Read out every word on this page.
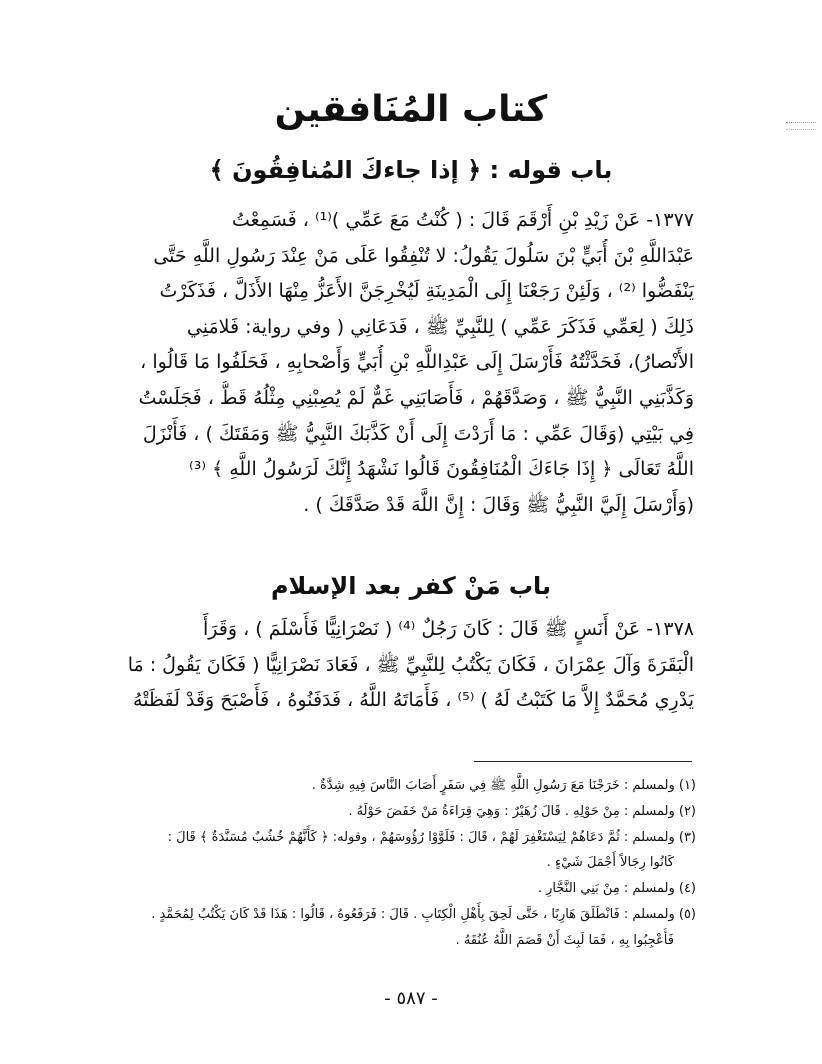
كتاب المُنَافقين
باب قوله : ﴿ إذا جاءكَ المُنافِقُونَ ﴾
١٣٧٧- عَنْ زَيْدِ بْنِ أَرْقَمَ قَالَ : ( كُنْتُ مَعَ عَمِّي )⁽¹⁾ ، فَسَمِعْتُ
عَبْدَاللَّهِ بْنَ أُبَيٍّ بْنَ سَلُولَ يَقُولُ: لا تُنْفِقُوا عَلَى مَنْ عِنْدَ رَسُولِ اللَّهِ حَتَّى
يَنْفَضُّوا ⁽²⁾ ، وَلَئِنْ رَجَعْنَا إِلَى الْمَدِينَةِ لَيُخْرِجَنَّ الأَعَزُّ مِنْهَا الأَذَلَّ ، فَذَكَرْتُ
ذَلِكَ ( لِعَمِّي فَذَكَرَ عَمِّي ) لِلنَّبِيِّ ﷺ ، فَدَعَانِي ( وفي رواية: فَلامَنِي
الأَنْصارُ)، فَحَدَّثْتُهُ فَأَرْسَلَ إِلَى عَبْدِاللَّهِ بْنِ أُبَيٍّ وَأَصْحابِهِ ، فَحَلَفُوا مَا قَالُوا ،
وَكَذَّبَنِي النَّبِيُّ ﷺ ، وَصَدَّقَهُمْ ، فَأَصَابَنِي غَمٌّ لَمْ يُصِبْنِي مِثْلُهُ قَطُّ ، فَجَلَسْتُ
فِي بَيْتِي (وَقَالَ عَمِّي : مَا أَرَدْتَ إِلَى أَنْ كَذَّبَكَ النَّبِيُّ ﷺ وَمَقَتَكَ ) ، فَأَنْزَلَ
اللَّهُ تَعَالَى ﴿ إِذَا جَاءَكَ الْمُنَافِقُونَ قَالُوا نَشْهَدُ إِنَّكَ لَرَسُولُ اللَّهِ ﴾ ⁽³⁾
(وَأَرْسَلَ إِلَيَّ النَّبِيُّ ﷺ وَقَالَ : إِنَّ اللَّهَ قَدْ صَدَّقَكَ ) .
باب مَنْ كفر بعد الإسلام
١٣٧٨- عَنْ أَنَسٍ ﷺ قَالَ : كَانَ رَجُلٌ ⁽⁴⁾ ( نَصْرَانِيًّا فَأَسْلَمَ ) ، وَقَرَأَ
الْبَقَرَةَ وَآلَ عِمْرَانَ ، فَكَانَ يَكْتُبُ لِلنَّبِيِّ ﷺ ، فَعَادَ نَصْرَانِيًّا ( فَكَانَ يَقُولُ : مَا
يَدْرِي مُحَمَّدٌ إِلاَّ مَا كَتَبْتُ لَهُ ) ⁽⁵⁾ ، فَأَمَاتَهُ اللَّهُ ، فَدَفَنُوهُ ، فَأَصْبَحَ وَقَدْ لَفَظَتْهُ
(١) ولمسلم : خَرَجْنَا مَعَ رَسُولِ اللَّهِ ﷺ فِي سَفَرٍ أَصَابَ النَّاسَ فِيهِ شِدَّةٌ .
(٢) ولمسلم : مِنْ حَوْلِهِ . قَالَ زُهَيْرٌ : وَهِيَ قِرَاءَةُ مَنْ خَفَضَ حَوْلَهُ .
(٣) ولمسلم : ثُمَّ دَعَاهُمْ لِيَسْتَغْفِرَ لَهُمْ ، قَالَ : فَلَوَّوْا رُؤُوسَهُمْ ، وقوله: ﴿ كَأَنَّهُمْ خُشُبٌ مُسَنَّدَةٌ ﴾ قَالَ :
كَانُوا رِجَالاً أَجْمَلَ شَيْءٍ .
(٤) ولمسلم : مِنْ بَنِي النَّجَّارِ .
(٥) ولمسلم : فَانْطَلَقَ هَارِبًا ، حَتَّى لَحِقَ بِأَهْلِ الْكِتَابِ . قَالَ : فَرَفَعُوهُ ، قَالُوا : هَذَا قَدْ كَانَ يَكْتُبُ لِمُحَمَّدٍ .
فَأُعْجِبُوا بِهِ ، فَمَا لَبِثَ أَنْ قَصَمَ اللَّهُ عُنُقَهُ .
- ٥٨٧ -
